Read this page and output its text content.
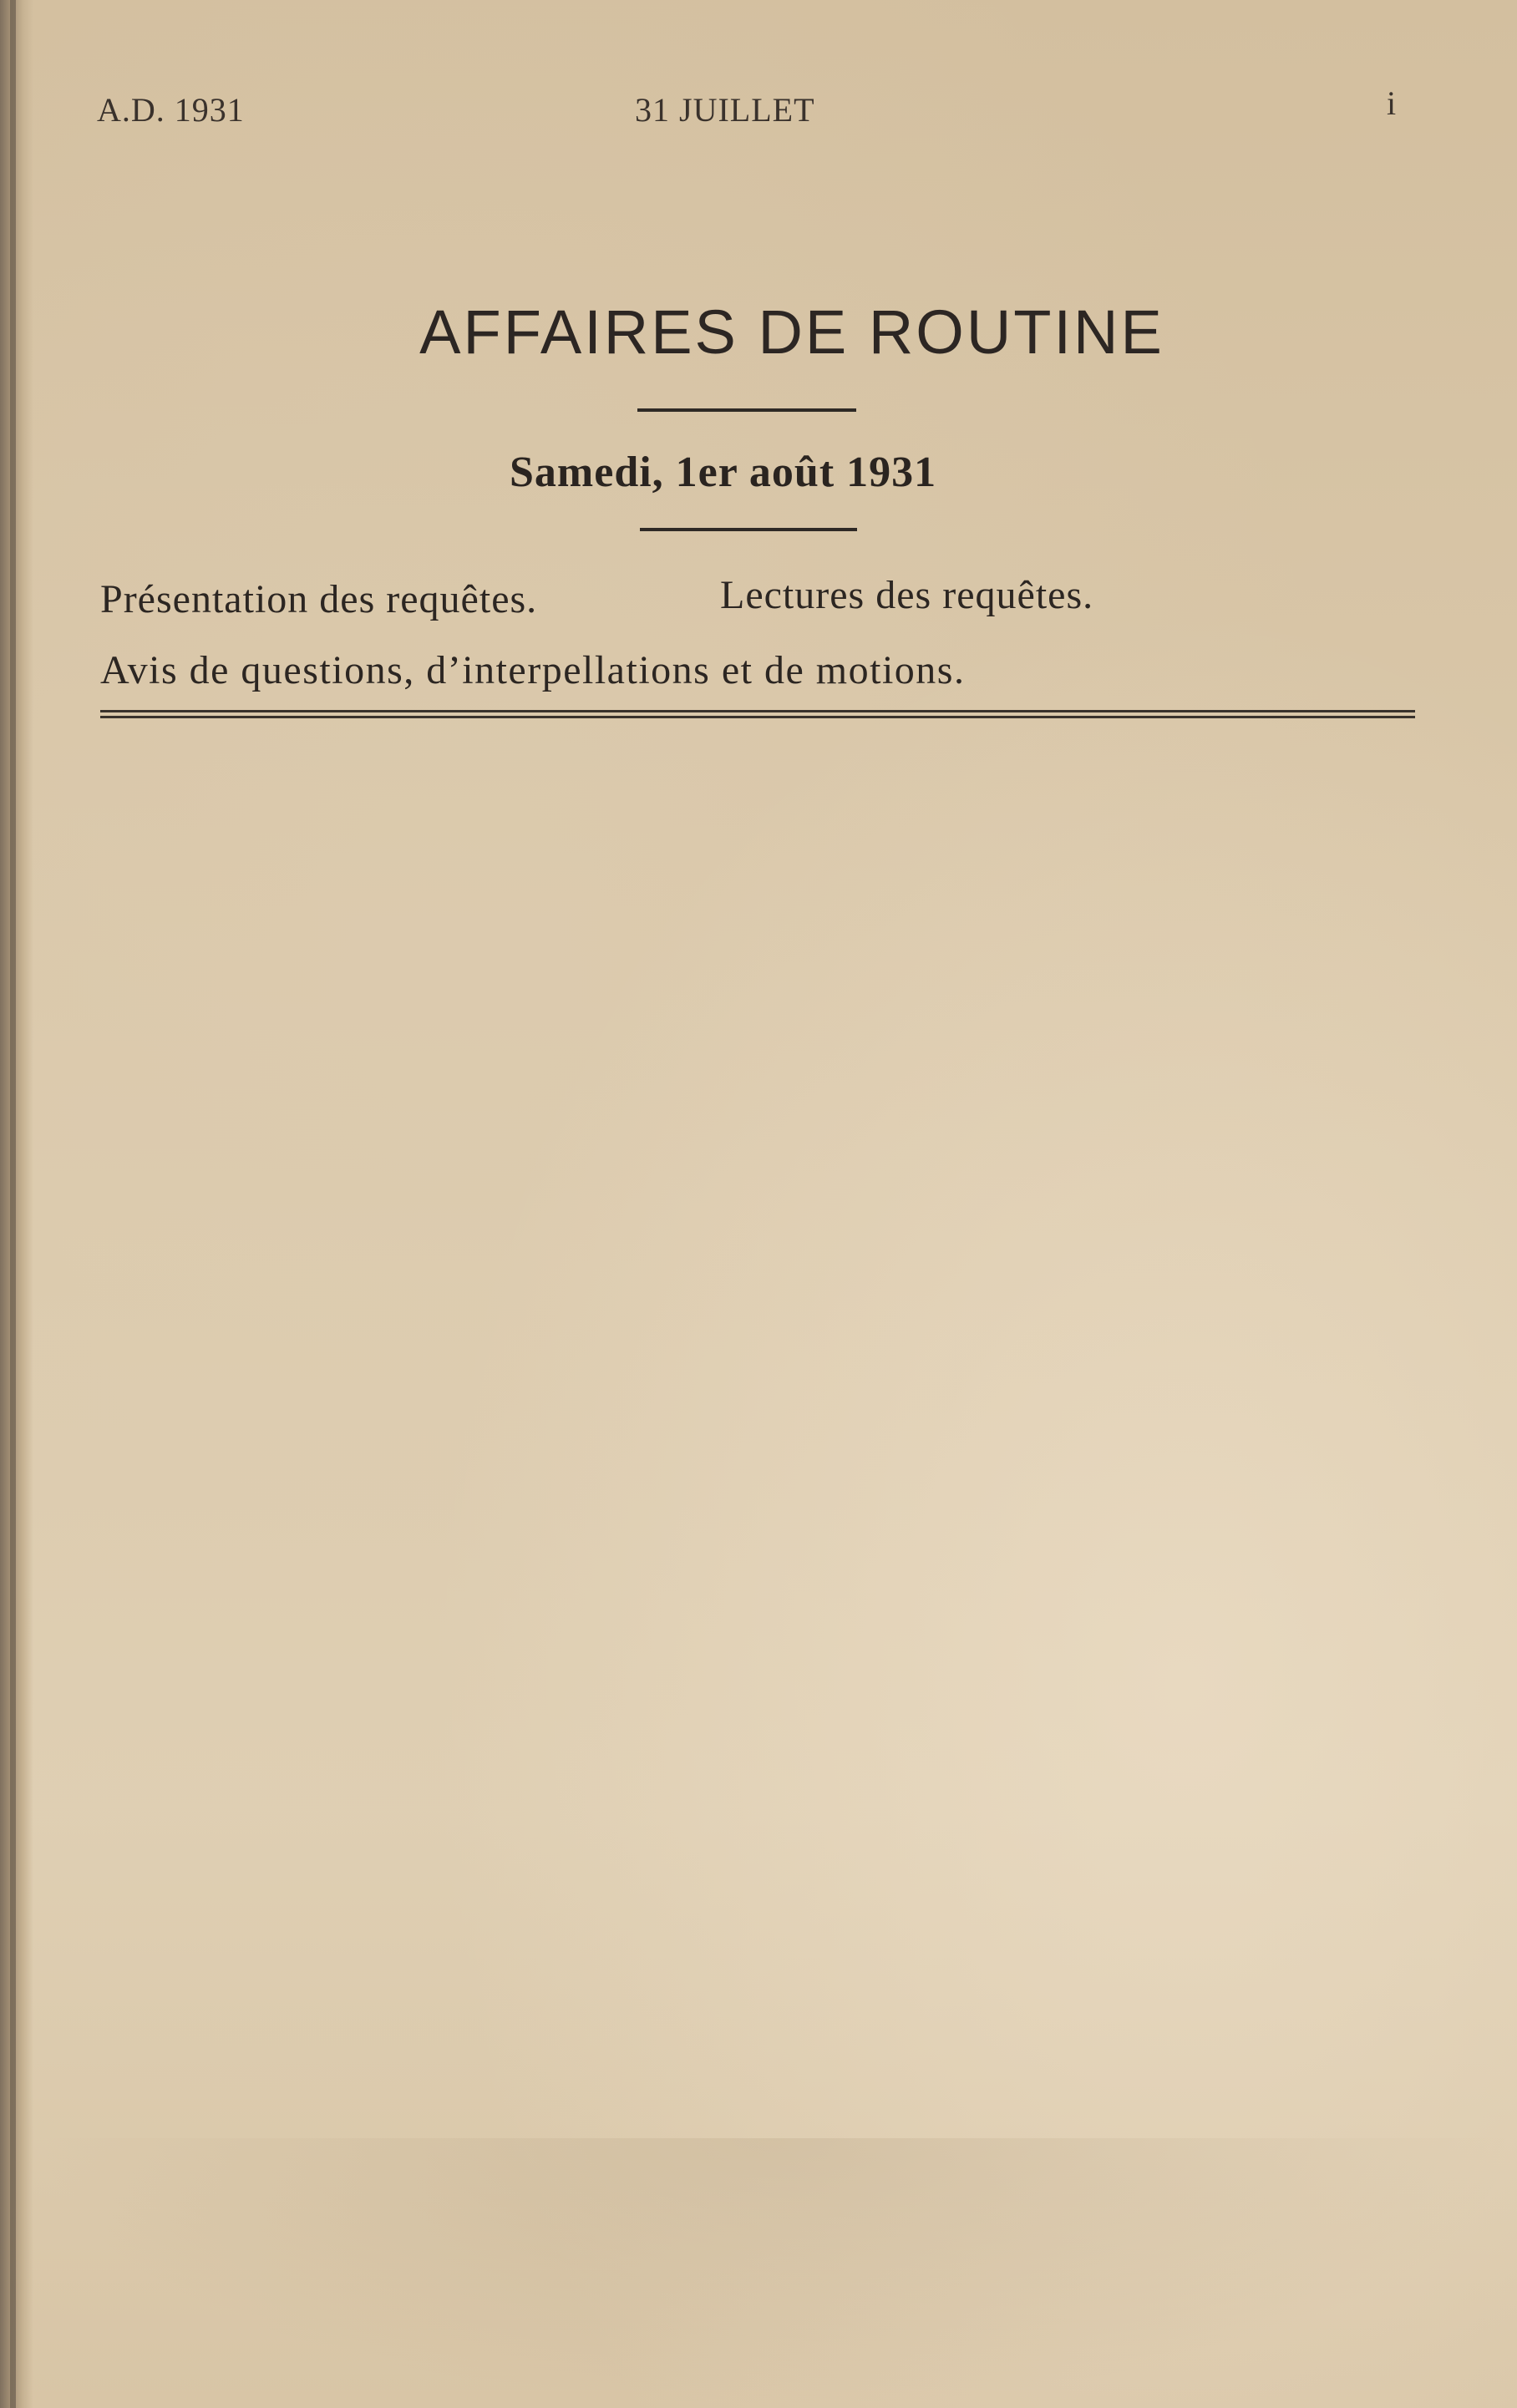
A.D. 1931	31 JUILLET	i
AFFAIRES DE ROUTINE
Samedi, 1er août 1931
Présentation des requêtes.	Lectures des requêtes.
Avis de questions, d’interpellations et de motions.
